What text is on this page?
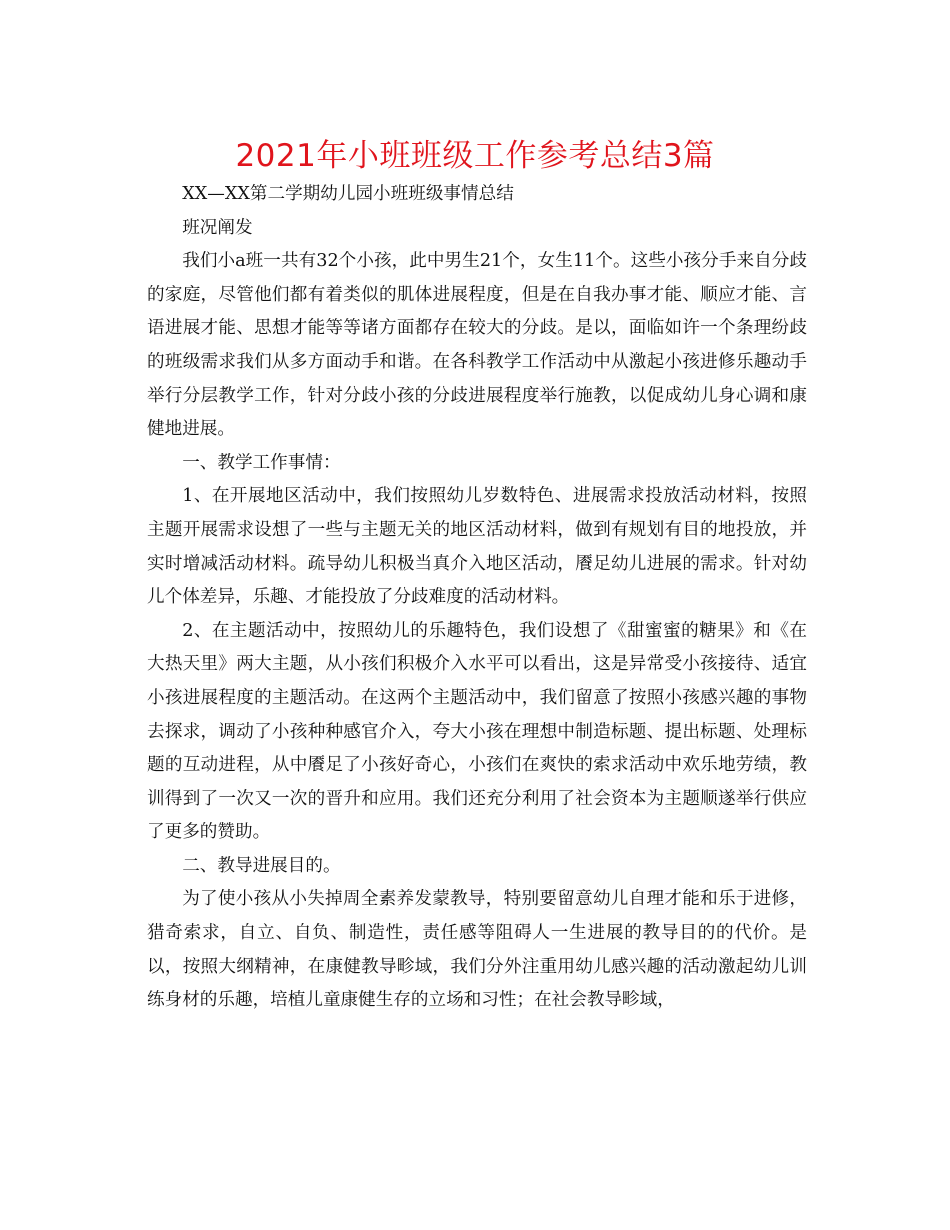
2021年小班班级工作参考总结3篇

XX—XX第二学期幼儿园小班班级事情总结

班况阐发

我们小a班一共有32个小孩，此中男生21个，女生11个。这些小孩分手来自分歧的家庭，尽管他们都有着类似的肌体进展程度，但是在自我办事才能、顺应才能、言语进展才能、思想才能等等诸方面都存在较大的分歧。是以，面临如许一个条理纷歧的班级需求我们从多方面动手和谐。在各科教学工作活动中从激起小孩进修乐趣动手举行分层教学工作，针对分歧小孩的分歧进展程度举行施教，以促成幼儿身心调和康健地进展。

一、教学工作事情：

1、在开展地区活动中，我们按照幼儿岁数特色、进展需求投放活动材料，按照主题开展需求设想了一些与主题无关的地区活动材料，做到有规划有目的地投放，并实时增减活动材料。疏导幼儿积极当真介入地区活动，餍足幼儿进展的需求。针对幼儿个体差异，乐趣、才能投放了分歧难度的活动材料。

2、在主题活动中，按照幼儿的乐趣特色，我们设想了《甜蜜蜜的糖果》和《在大热天里》两大主题，从小孩们积极介入水平可以看出，这是异常受小孩接待、适宜小孩进展程度的主题活动。在这两个主题活动中，我们留意了按照小孩感兴趣的事物去探求，调动了小孩种种感官介入，夸大小孩在理想中制造标题、提出标题、处理标题的互动进程，从中餍足了小孩好奇心，小孩们在爽快的索求活动中欢乐地劳绩，教训得到了一次又一次的晋升和应用。我们还充分利用了社会资本为主题顺遂举行供应了更多的赞助。

二、教导进展目的。

为了使小孩从小失掉周全素养发蒙教导，特别要留意幼儿自理才能和乐于进修，猎奇索求，自立、自负、制造性，责任感等阻碍人一生进展的教导目的的代价。是以，按照大纲精神，在康健教导畛域，我们分外注重用幼儿感兴趣的活动激起幼儿训练身材的乐趣，培植儿童康健生存的立场和习性；在社会教导畛域，
